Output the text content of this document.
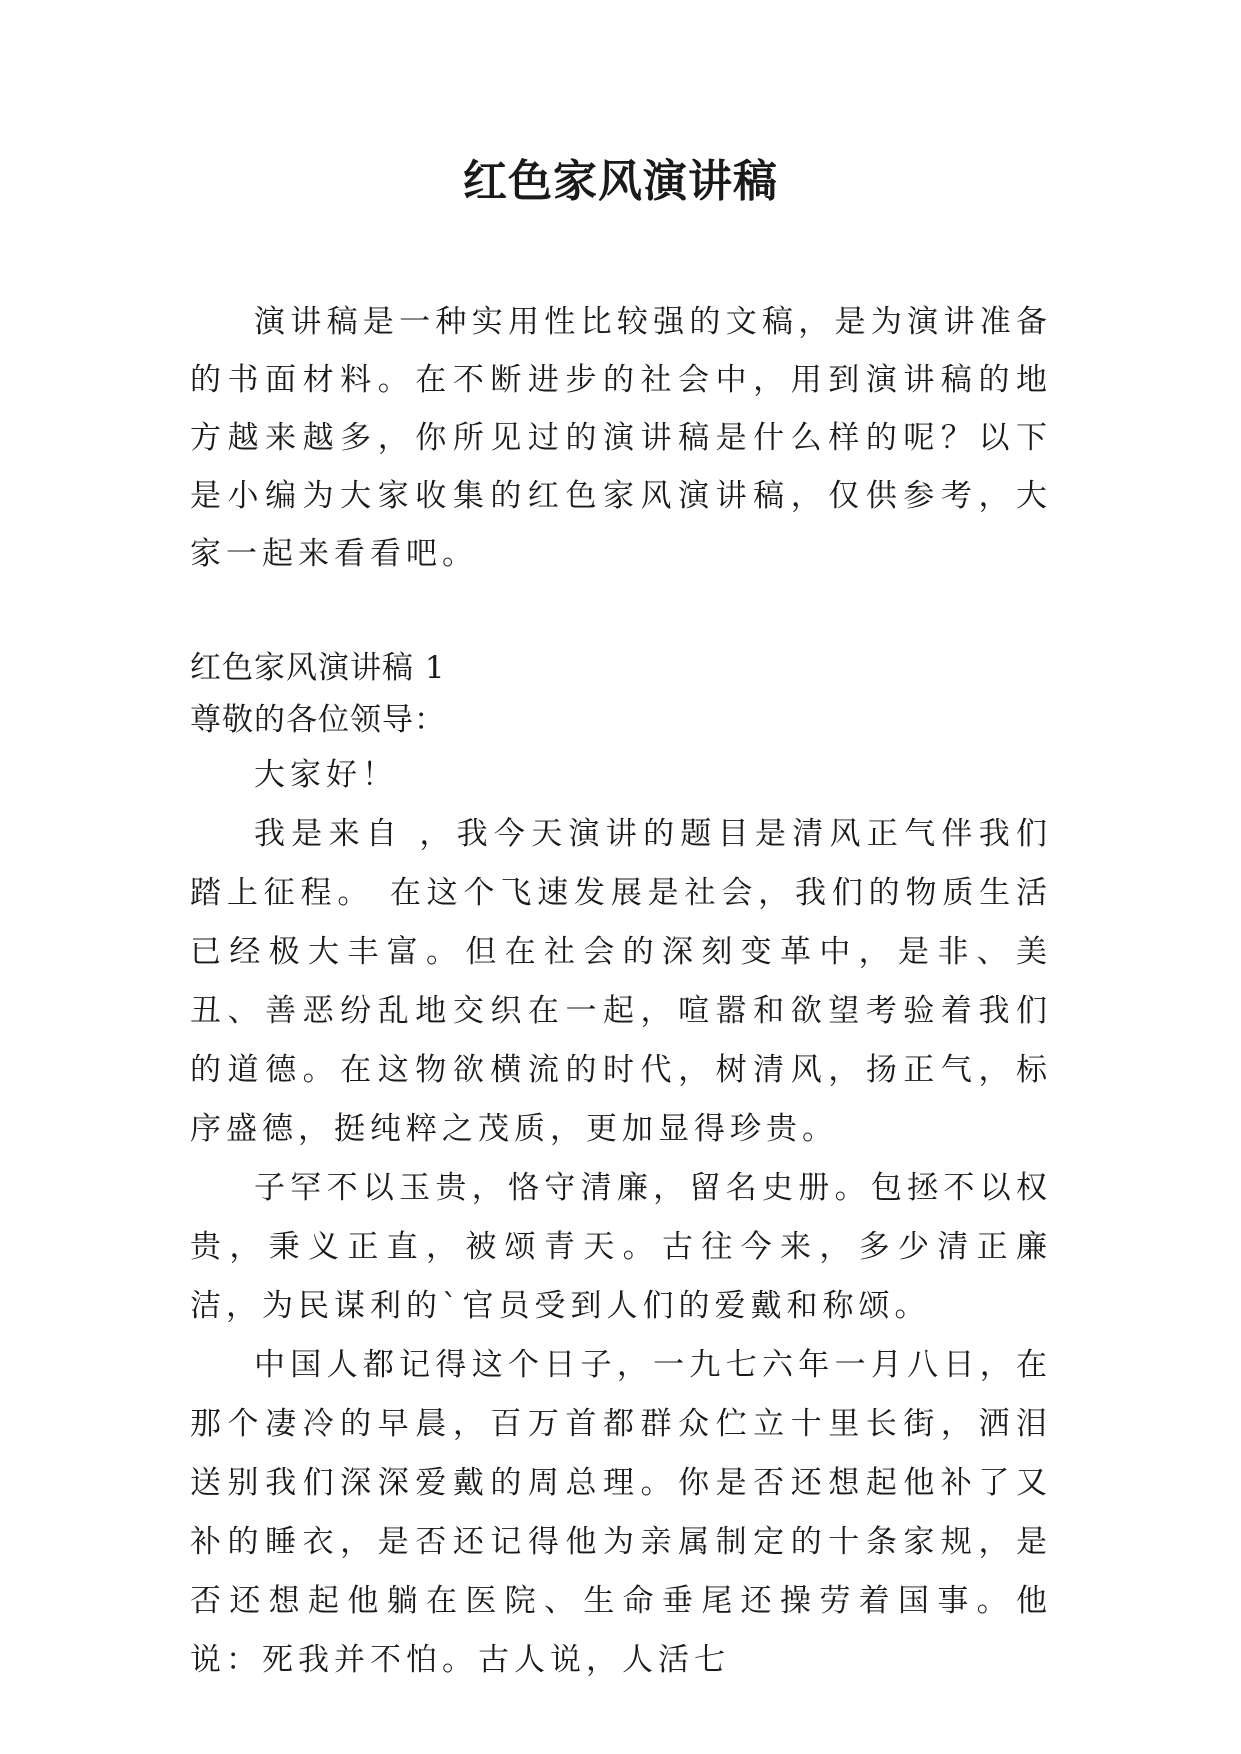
红色家风演讲稿

演讲稿是一种实用性比较强的文稿，是为演讲准备的书面材料。在不断进步的社会中，用到演讲稿的地方越来越多，你所见过的演讲稿是什么样的呢？以下是小编为大家收集的红色家风演讲稿，仅供参考，大家一起来看看吧。

红色家风演讲稿 1

尊敬的各位领导：

大家好！

我是来自 ，我今天演讲的题目是清风正气伴我们踏上征程。 在这个飞速发展是社会，我们的物质生活已经极大丰富。但在社会的深刻变革中，是非、美丑、善恶纷乱地交织在一起，喧嚣和欲望考验着我们的道德。在这物欲横流的时代，树清风，扬正气，标序盛德，挺纯粹之茂质，更加显得珍贵。

子罕不以玉贵，恪守清廉，留名史册。包拯不以权贵，秉义正直，被颂青天。古往今来，多少清正廉洁，为民谋利的`官员受到人们的爱戴和称颂。

中国人都记得这个日子，一九七六年一月八日，在那个凄冷的早晨，百万首都群众伫立十里长街，洒泪送别我们深深爱戴的周总理。你是否还想起他补了又补的睡衣，是否还记得他为亲属制定的十条家规，是否还想起他躺在医院、生命垂尾还操劳着国事。他说：死我并不怕。古人说，人活七
